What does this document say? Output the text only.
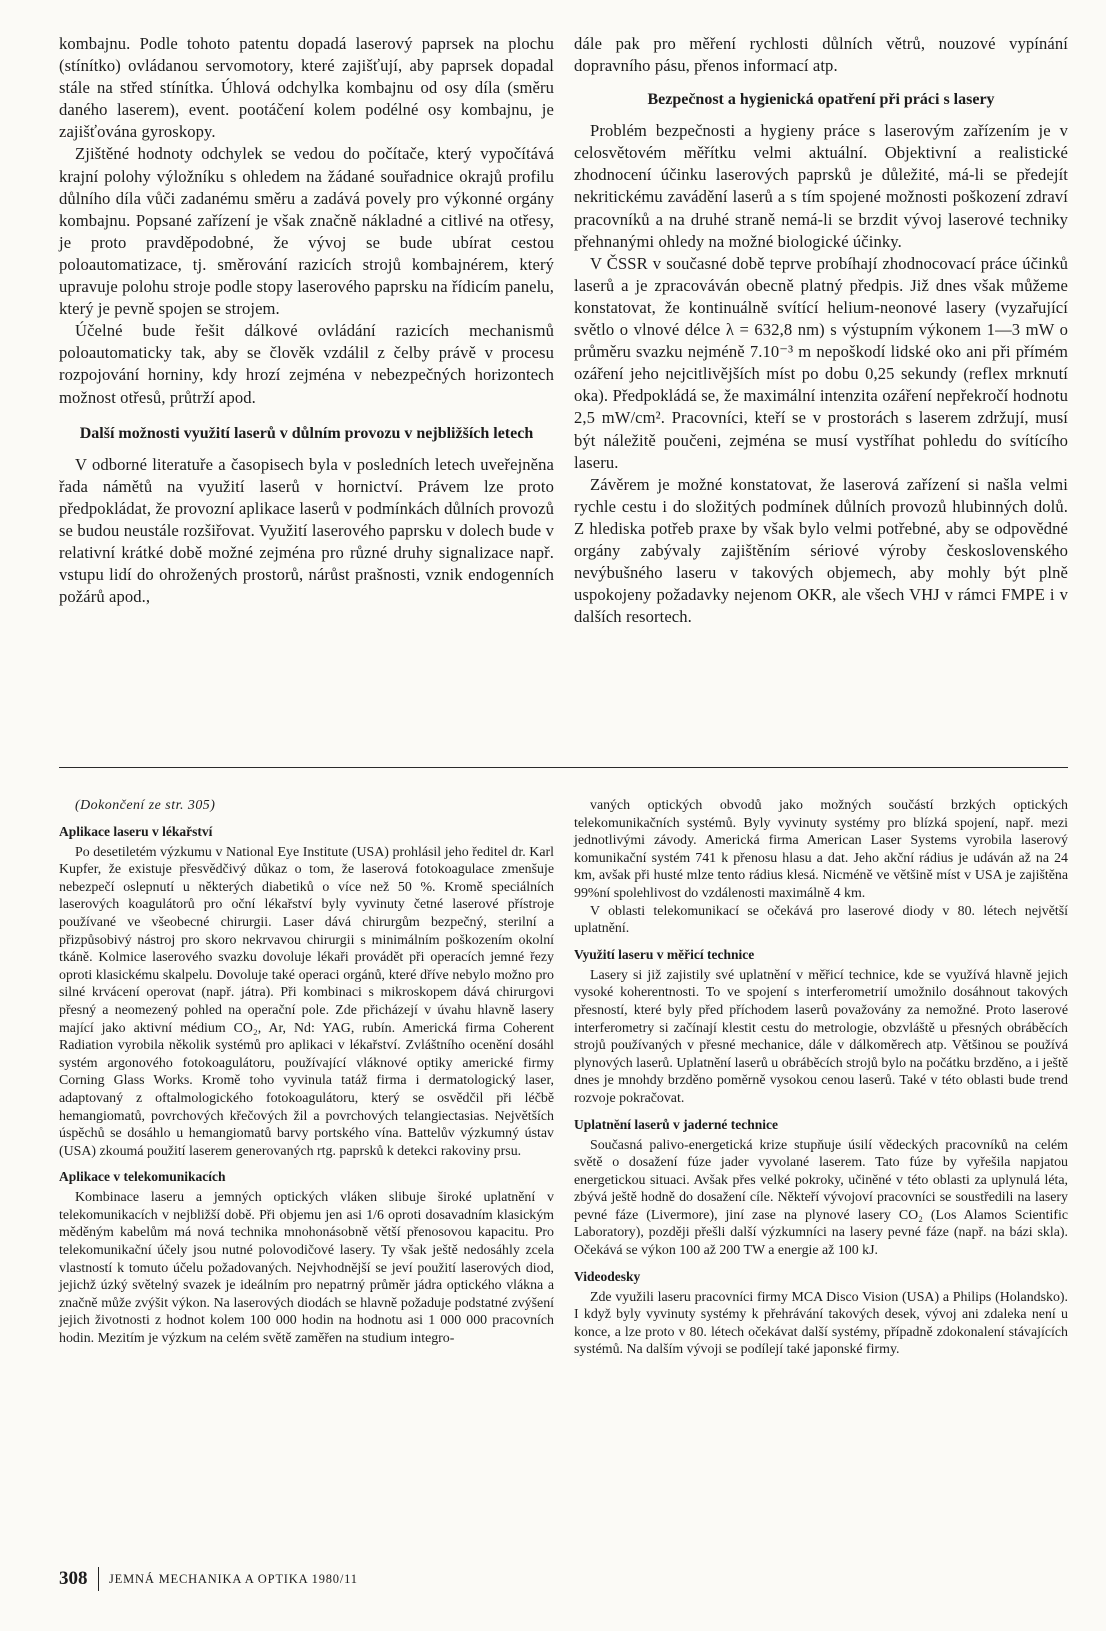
kombajnu. Podle tohoto patentu dopadá laserový paprsek na plochu (stínítko) ovládanou servomotory, které zajišťují, aby paprsek dopadal stále na střed stínítka. Úhlová odchylka kombajnu od osy díla (směru daného laserem), event. pootáčení kolem podélné osy kombajnu, je zajišťována gyroskopy.

Zjištěné hodnoty odchylek se vedou do počítače, který vypočítává krajní polohy výložníku s ohledem na žádané souřadnice okrajů profilu důlního díla vůči zadanému směru a zadává povely pro výkonné orgány kombajnu. Popsané zařízení je však značně nákladné a citlivé na otřesy, je proto pravděpodobné, že vývoj se bude ubírat cestou poloautomatizace, tj. směrování razicích strojů kombajnérem, který upravuje polohu stroje podle stopy laserového paprsku na řídicím panelu, který je pevně spojen se strojem.

Účelné bude řešit dálkové ovládání razicích mechanismů poloautomaticky tak, aby se člověk vzdálil z čelby právě v procesu rozpojování horniny, kdy hrozí zejména v nebezpečných horizontech možnost otřesů, průtrží apod.

Další možnosti využití laserů v důlním provozu v nejbližších letech

V odborné literatuře a časopisech byla v posledních letech uveřejněna řada námětů na využití laserů v hornictví. Právem lze proto předpokládat, že provozní aplikace laserů v podmínkách důlních provozů se budou neustále rozšiřovat. Využití laserového paprsku v dolech bude v relativní krátké době možné zejména pro různé druhy signalizace např. vstupu lidí do ohrožených prostorů, nárůst prašnosti, vznik endogenních požárů apod.,

dále pak pro měření rychlosti důlních větrů, nouzové vypínání dopravního pásu, přenos informací atp.

Bezpečnost a hygienická opatření při práci s lasery

Problém bezpečnosti a hygieny práce s laserovým zařízením je v celosvětovém měřítku velmi aktuální. Objektivní a realistické zhodnocení účinku laserových paprsků je důležité, má-li se předejít nekritickému zavádění laserů a s tím spojené možnosti poškození zdraví pracovníků a na druhé straně nemá-li se brzdit vývoj laserové techniky přehnanými ohledy na možné biologické účinky.

V ČSSR v současné době teprve probíhají zhodnocovací práce účinků laserů a je zpracováván obecně platný předpis. Již dnes však můžeme konstatovat, že kontinuálně svítící helium-neonové lasery (vyzařující světlo o vlnové délce λ = 632,8 nm) s výstupním výkonem 1—3 mW o průměru svazku nejméně 7.10⁻³ m nepoškodí lidské oko ani při přímém ozáření jeho nejcitlivějších míst po dobu 0,25 sekundy (reflex mrknutí oka). Předpokládá se, že maximální intenzita ozáření nepřekročí hodnotu 2,5 mW/cm². Pracovníci, kteří se v prostorách s laserem zdržují, musí být náležitě poučeni, zejména se musí vystříhat pohledu do svítícího laseru.

Závěrem je možné konstatovat, že laserová zařízení si našla velmi rychle cestu i do složitých podmínek důlních provozů hlubinných dolů. Z hlediska potřeb praxe by však bylo velmi potřebné, aby se odpovědné orgány zabývaly zajištěním sériové výroby československého nevýbušného laseru v takových objemech, aby mohly být plně uspokojeny požadavky nejenom OKR, ale všech VHJ v rámci FMPE i v dalších resortech.

(Dokončení ze str. 305)

Aplikace laseru v lékařství

Po desetiletém výzkumu v National Eye Institute (USA) prohlásil jeho ředitel dr. Karl Kupfer, že existuje přesvědčivý důkaz o tom, že laserová fotokoagulace zmenšuje nebezpečí oslepnutí u některých diabetiků o více než 50 %. Kromě speciálních laserových koagulátorů pro oční lékařství byly vyvinuty četné laserové přístroje používané ve všeobecné chirurgii. Laser dává chirurgům bezpečný, sterilní a přizpůsobivý nástroj pro skoro nekrvavou chirurgii s minimálním poškozením okolní tkáně. Kolmice laserového svazku dovoluje lékaři provádět při operacích jemné řezy oproti klasickému skalpelu. Dovoluje také operaci orgánů, které dříve nebylo možno pro silné krvácení operovat (např. játra). Při kombinaci s mikroskopem dává chirurgovi přesný a neomezený pohled na operační pole. Zde přicházejí v úvahu hlavně lasery mající jako aktivní médium CO₂, Ar, Nd: YAG, rubín. Americká firma Coherent Radiation vyrobila několik systémů pro aplikaci v lékařství. Zvláštního ocenění dosáhl systém argonového fotokoagulátoru, používající vláknové optiky americké firmy Corning Glass Works. Kromě toho vyvinula tatáž firma i dermatologický laser, adaptovaný z oftalmologického fotokoagulátoru, který se osvědčil při léčbě hemangiomatů, povrchových křečových žil a povrchových telangiectasias. Největších úspěchů se dosáhlo u hemangiomatů barvy portského vína. Battelův výzkumný ústav (USA) zkoumá použití laserem generovaných rtg. paprsků k detekci rakoviny prsu.

Aplikace v telekomunikacích

Kombinace laseru a jemných optických vláken slibuje široké uplatnění v telekomunikacích v nejbližší době. Při objemu jen asi 1/6 oproti dosavadním klasickým měděným kabelům má nová technika mnohonásobně větší přenosovou kapacitu. Pro telekomunikační účely jsou nutné polovodičové lasery. Ty však ještě nedosáhly zcela vlastností k tomuto účelu požadovaných. Nejvhodnější se jeví použití laserových diod, jejichž úzký světelný svazek je ideálním pro nepatrný průměr jádra optického vlákna a značně může zvýšit výkon. Na laserových diodách se hlavně požaduje podstatné zvýšení jejich životnosti z hodnot kolem 100 000 hodin na hodnotu asi 1 000 000 pracovních hodin. Mezitím je výzkum na celém světě zaměřen na studium integro-

vaných optických obvodů jako možných součástí brzkých optických telekomunikačních systémů. Byly vyvinuty systémy pro blízká spojení, např. mezi jednotlivými závody. Americká firma American Laser Systems vyrobila laserový komunikační systém 741 k přenosu hlasu a dat. Jeho akční rádius je udáván až na 24 km, avšak při husté mlze tento rádius klesá. Nicméně ve většině míst v USA je zajištěna 99%ní spolehlivost do vzdálenosti maximálně 4 km.

V oblasti telekomunikací se očekává pro laserové diody v 80. létech největší uplatnění.

Využití laseru v měřicí technice

Lasery si již zajistily své uplatnění v měřicí technice, kde se využívá hlavně jejich vysoké koherentnosti. To ve spojení s interferometrií umožnilo dosáhnout takových přesností, které byly před příchodem laserů považovány za nemožné. Proto laserové interferometry si začínají klestit cestu do metrologie, obzvláště u přesných obráběcích strojů používaných v přesné mechanice, dále v dálkoměrech atp. Většinou se používá plynových laserů. Uplatnění laserů u obráběcích strojů bylo na počátku brzděno, a i ještě dnes je mnohdy brzděno poměrně vysokou cenou laserů. Také v této oblasti bude trend rozvoje pokračovat.

Uplatnění laserů v jaderné technice

Současná palivo-energetická krize stupňuje úsilí vědeckých pracovníků na celém světě o dosažení fúze jader vyvolané laserem. Tato fúze by vyřešila napjatou energetickou situaci. Avšak přes velké pokroky, učiněné v této oblasti za uplynulá léta, zbývá ještě hodně do dosažení cíle. Někteří vývojoví pracovníci se soustředili na lasery pevné fáze (Livermore), jiní zase na plynové lasery CO₂ (Los Alamos Scientific Laboratory), později přešli další výzkumníci na lasery pevné fáze (např. na bázi skla). Očekává se výkon 100 až 200 TW a energie až 100 kJ.

Videodesky

Zde využili laseru pracovníci firmy MCA Disco Vision (USA) a Philips (Holandsko). I když byly vyvinuty systémy k přehrávání takových desek, vývoj ani zdaleka není u konce, a lze proto v 80. létech očekávat další systémy, případně zdokonalení stávajících systémů. Na dalším vývoji se podílejí také japonské firmy.

308 JEMNÁ MECHANIKA A OPTIKA 1980/11
